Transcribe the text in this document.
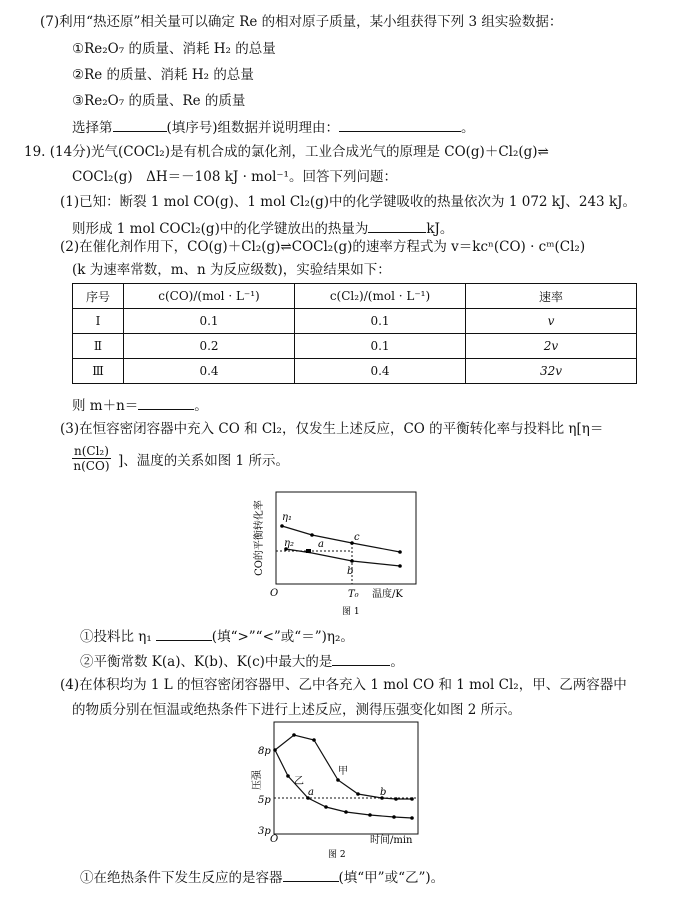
(7)利用“热还原”相关量可以确定 Re 的相对原子质量，某小组获得下列 3 组实验数据：
①Re₂O₇ 的质量、消耗 H₂ 的总量
②Re 的质量、消耗 H₂ 的总量
③Re₂O₇ 的质量、Re 的质量
选择第	(填序号)组数据并说明理由：	。
19. (14分)光气(COCl₂)是有机合成的氯化剂，工业合成光气的原理是 CO(g)＋Cl₂(g)⇌
COCl₂(g)　ΔH＝－108 kJ · mol⁻¹。回答下列问题：
(1)已知：断裂 1 mol CO(g)、1 mol Cl₂(g)中的化学键吸收的热量依次为 1 072 kJ、243 kJ。
则形成 1 mol COCl₂(g)中的化学键放出的热量为	kJ。
(2)在催化剂作用下，CO(g)＋Cl₂(g)⇌COCl₂(g)的速率方程式为 v＝kcⁿ(CO) · cᵐ(Cl₂)
(k 为速率常数，m、n 为反应级数)，实验结果如下：
序号	c(CO)/(mol · L⁻¹)	c(Cl₂)/(mol · L⁻¹)	速率
Ⅰ	0.1	0.1	v
Ⅱ	0.2	0.1	2v
Ⅲ	0.4	0.4	32v
则 m＋n＝	。
(3)在恒容密闭容器中充入 CO 和 Cl₂，仅发生上述反应，CO 的平衡转化率与投料比 η[η＝
$\frac{\text{n(Cl₂)}}{n(CO)}$ ]、温度的关系如图 1 所示。
CO的平衡转化率 η₁
η₂ a
c
b
O	T₀ 温度/K
图 1
①投料比 η₁	(填“>”“<”或“＝”)η₂。
②平衡常数 K(a)、K(b)、K(c)中最大的是	。
(4)在体积均为 1 L 的恒容密闭容器甲、乙中各充入 1 mol CO 和 1 mol Cl₂，甲、乙两容器中
的物质分别在恒温或绝热条件下进行上述反应，测得压强变化如图 2 所示。
压强
8p
5p
3p
乙
甲
a	b
O	时间/min
图 2
①在绝热条件下发生反应的是容器	(填“甲”或“乙”)。
